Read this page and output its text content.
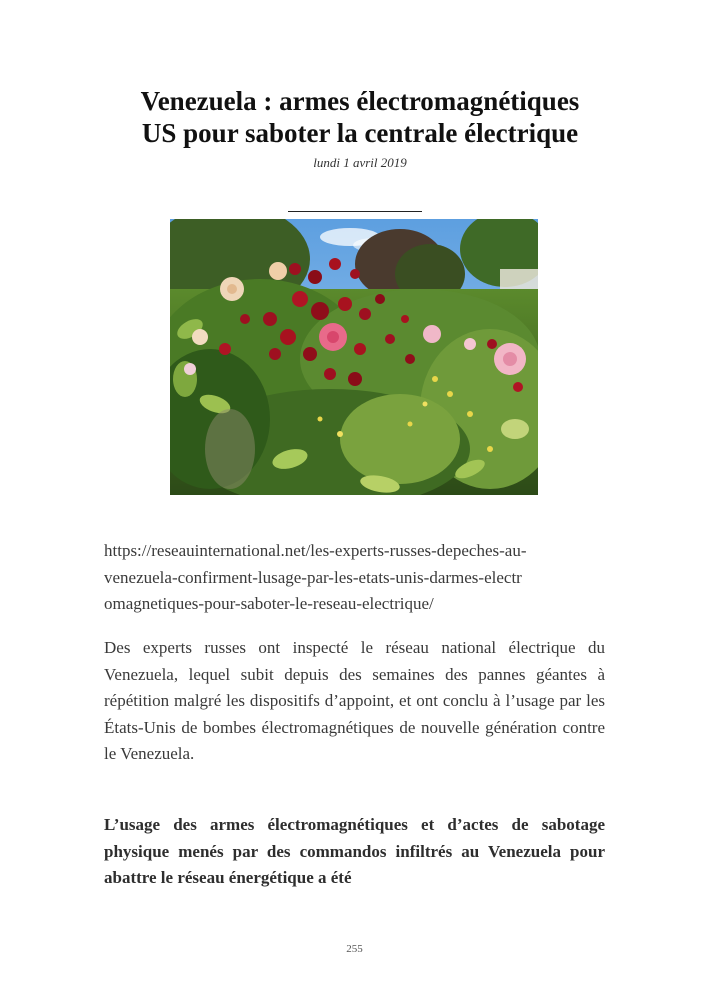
Venezuela : armes électromagnétiques
US pour saboter la centrale électrique
lundi 1 avril 2019
https://reseauinternational.net/les-experts-russes-depeches-au-
venezuela-confirment-lusage-par-les-etats-unis-darmes-electr
omagnetiques-pour-saboter-le-reseau-electrique/

Des experts russes ont inspecté le réseau national électrique du Venezuela, lequel subit depuis des semaines des pannes géantes à répétition malgré les dispositifs d’appoint, et ont conclu à l’usage par les États-Unis de bombes électromagnétiques de nouvelle génération contre le Venezuela.

L’usage des armes électromagnétiques et d’actes de sabotage physique menés par des commandos infiltrés au Venezuela pour abattre le réseau énergétique a été

255
